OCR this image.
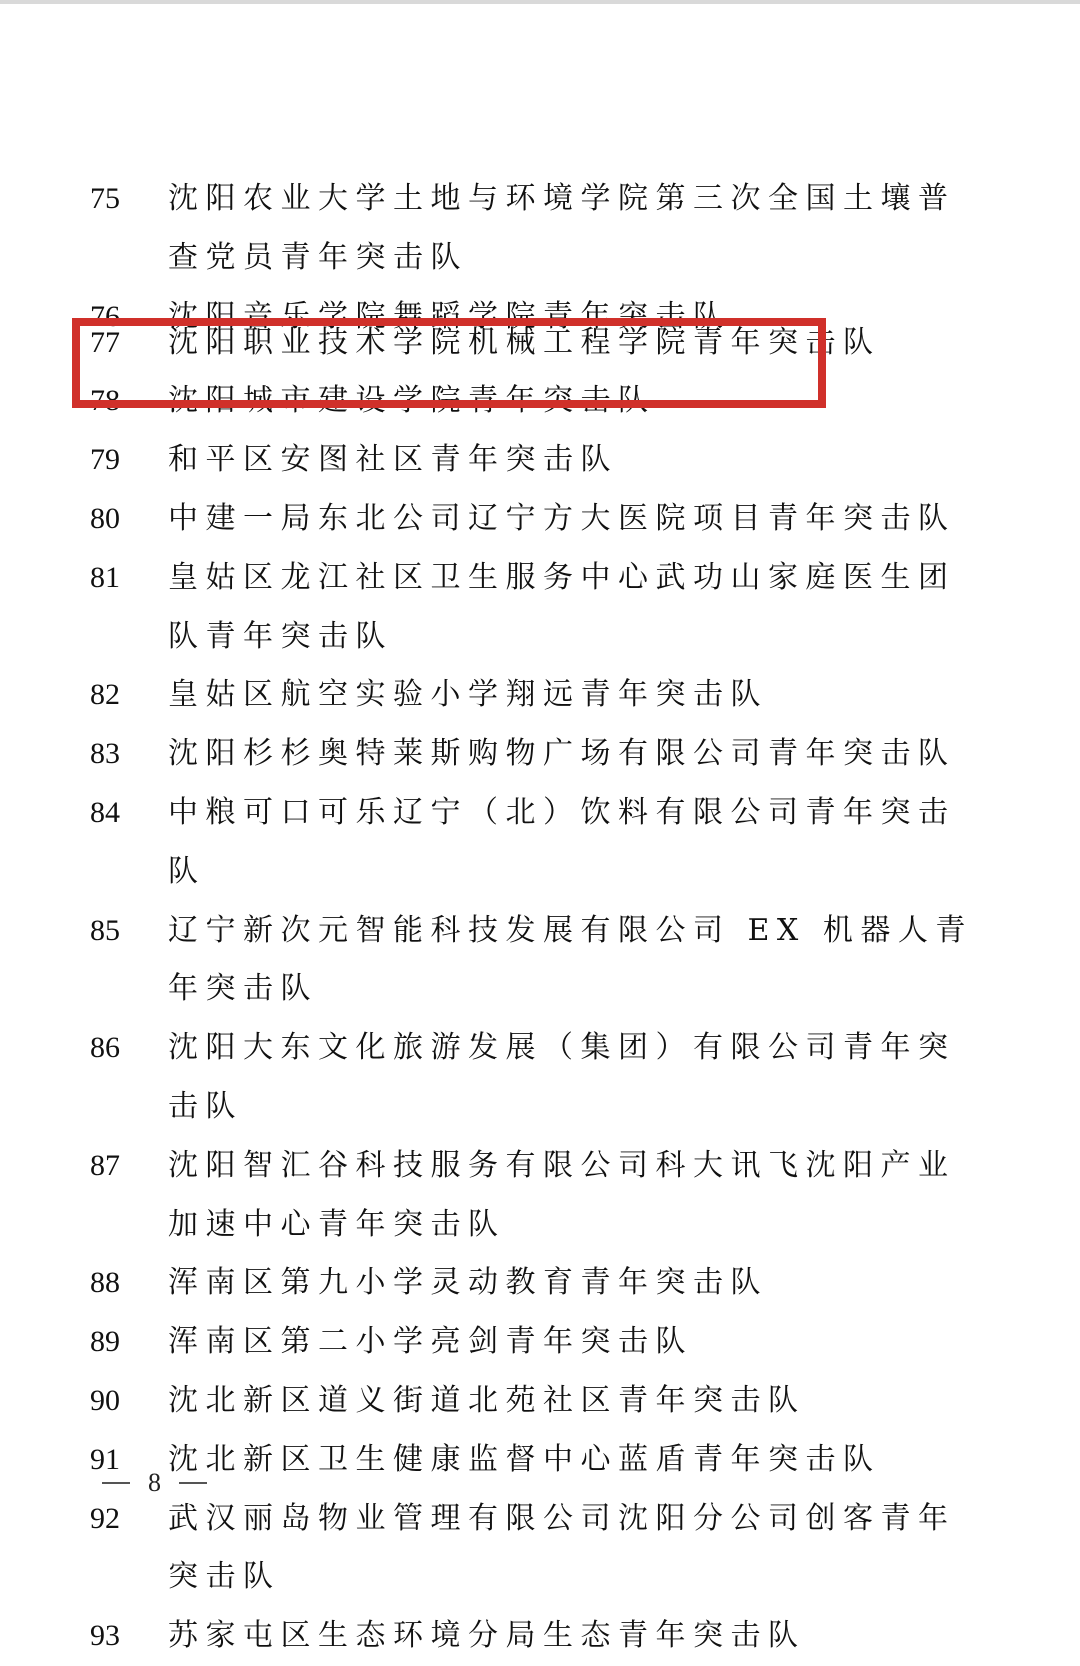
75	沈阳农业大学土地与环境学院第三次全国土壤普查党员青年突击队
76	沈阳音乐学院舞蹈学院青年突击队
77	沈阳职业技术学院机械工程学院青年突击队
78	沈阳城市建设学院青年突击队
79	和平区安图社区青年突击队
80	中建一局东北公司辽宁方大医院项目青年突击队
81	皇姑区龙江社区卫生服务中心武功山家庭医生团队青年突击队
82	皇姑区航空实验小学翔远青年突击队
83	沈阳杉杉奥特莱斯购物广场有限公司青年突击队
84	中粮可口可乐辽宁（北）饮料有限公司青年突击队
85	辽宁新次元智能科技发展有限公司 EX 机器人青年突击队
86	沈阳大东文化旅游发展（集团）有限公司青年突击队
87	沈阳智汇谷科技服务有限公司科大讯飞沈阳产业加速中心青年突击队
88	浑南区第九小学灵动教育青年突击队
89	浑南区第二小学亮剑青年突击队
90	沈北新区道义街道北苑社区青年突击队
91	沈北新区卫生健康监督中心蓝盾青年突击队
92	武汉丽岛物业管理有限公司沈阳分公司创客青年突击队
93	苏家屯区生态环境分局生态青年突击队
8
